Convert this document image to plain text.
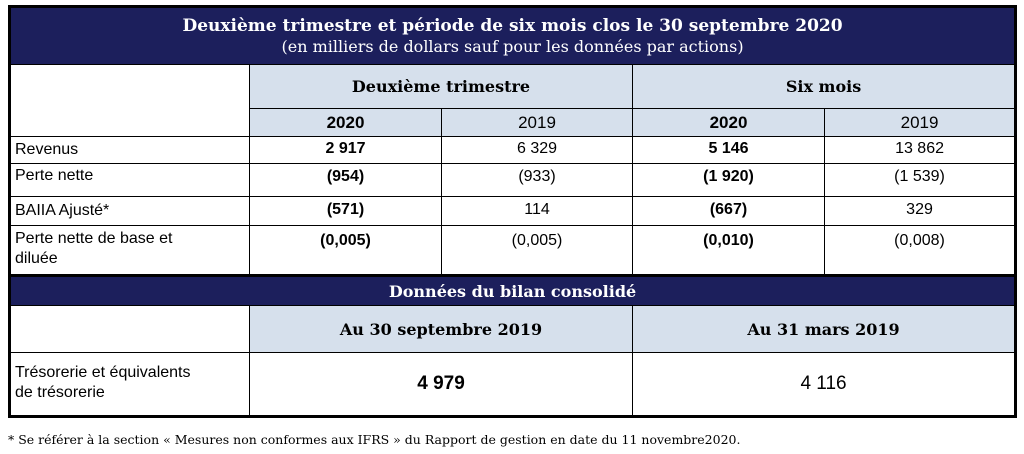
Deuxième trimestre et période de six mois clos le 30 septembre 2020
(en milliers de dollars sauf pour les données par actions)				

	Deuxième trimestre		Six mois	
	2020	2019	2020	2019
Revenus	2 917	6 329	5 146	13 862
Perte nette	(954)	(933)	(1 920)	(1 539)
BAIIA Ajusté*	(571)	114	(667)	329

Perte nette de base et
diluée	(0,005)	(0,005)	(0,010)	(0,008)
Données du bilan consolidé				
	Au 30 septembre 2019		Au 31 mars 2019	

Trésorerie et équivalents
de trésorerie	4 979		4 116	
* Se référer à la section « Mesures non conformes aux IFRS » du Rapport de gestion en date du 11 novembre2020.
